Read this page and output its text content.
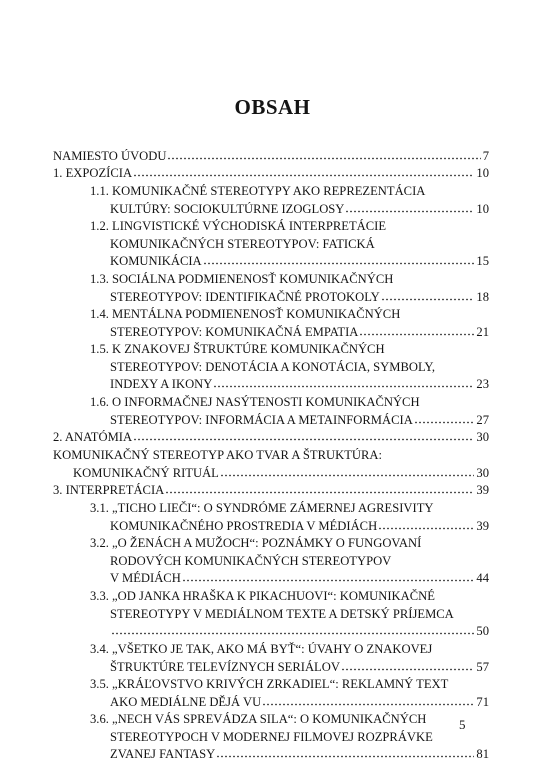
OBSAH
NAMIESTO ÚVODU	7
1. EXPOZÍCIA	10
1.1. KOMUNIKAČNÉ STEREOTYPY AKO REPREZENTÁCIA
KULTÚRY: SOCIOKULTÚRNE IZOGLOSY	10
1.2. LINGVISTICKÉ VÝCHODISKÁ INTERPRETÁCIE
KOMUNIKAČNÝCH STEREOTYPOV: FATICKÁ
KOMUNIKÁCIA	15
1.3. SOCIÁLNA PODMIENENOSŤ KOMUNIKAČNÝCH
STEREOTYPOV: IDENTIFIKAČNÉ PROTOKOLY	18
1.4. MENTÁLNA PODMIENENOSŤ KOMUNIKAČNÝCH
STEREOTYPOV: KOMUNIKAČNÁ EMPATIA	21
1.5. K ZNAKOVEJ ŠTRUKTÚRE KOMUNIKAČNÝCH
STEREOTYPOV: DENOTÁCIA A KONOTÁCIA, SYMBOLY,
INDEXY A IKONY	23
1.6. O INFORMAČNEJ NASÝTENOSTI KOMUNIKAČNÝCH
STEREOTYPOV: INFORMÁCIA A METAINFORMÁCIA	27
2. ANATÓMIA	30
KOMUNIKAČNÝ STEREOTYP AKO TVAR A ŠTRUKTÚRA:
KOMUNIKAČNÝ RITUÁL	30
3. INTERPRETÁCIA	39
3.1. „TICHO LIEČI“: O SYNDRÓME ZÁMERNEJ AGRESIVITY
KOMUNIKAČNÉHO PROSTREDIA V MÉDIÁCH	39
3.2. „O ŽENÁCH A MUŽOCH“: POZNÁMKY O FUNGOVANÍ
RODOVÝCH KOMUNIKAČNÝCH STEREOTYPOV
V MÉDIÁCH	44
3.3. „OD JANKA HRAŠKA K PIKACHUOVI“: KOMUNIKAČNÉ
STEREOTYPY V MEDIÁLNOM TEXTE A DETSKÝ PRÍJEMCA
50
3.4. „VŠETKO JE TAK, AKO MÁ BYŤ“: ÚVAHY O ZNAKOVEJ
ŠTRUKTÚRE TELEVÍZNYCH SERIÁLOV	57
3.5. „KRÁĽOVSTVO KRIVÝCH ZRKADIEL“: REKLAMNÝ TEXT
AKO MEDIÁLNE DĚJÁ VU	71
3.6. „NECH VÁS SPREVÁDZA SILA“: O KOMUNIKAČNÝCH
STEREOTYPOCH V MODERNEJ FILMOVEJ ROZPRÁVKE
ZVANEJ FANTASY	81
5
